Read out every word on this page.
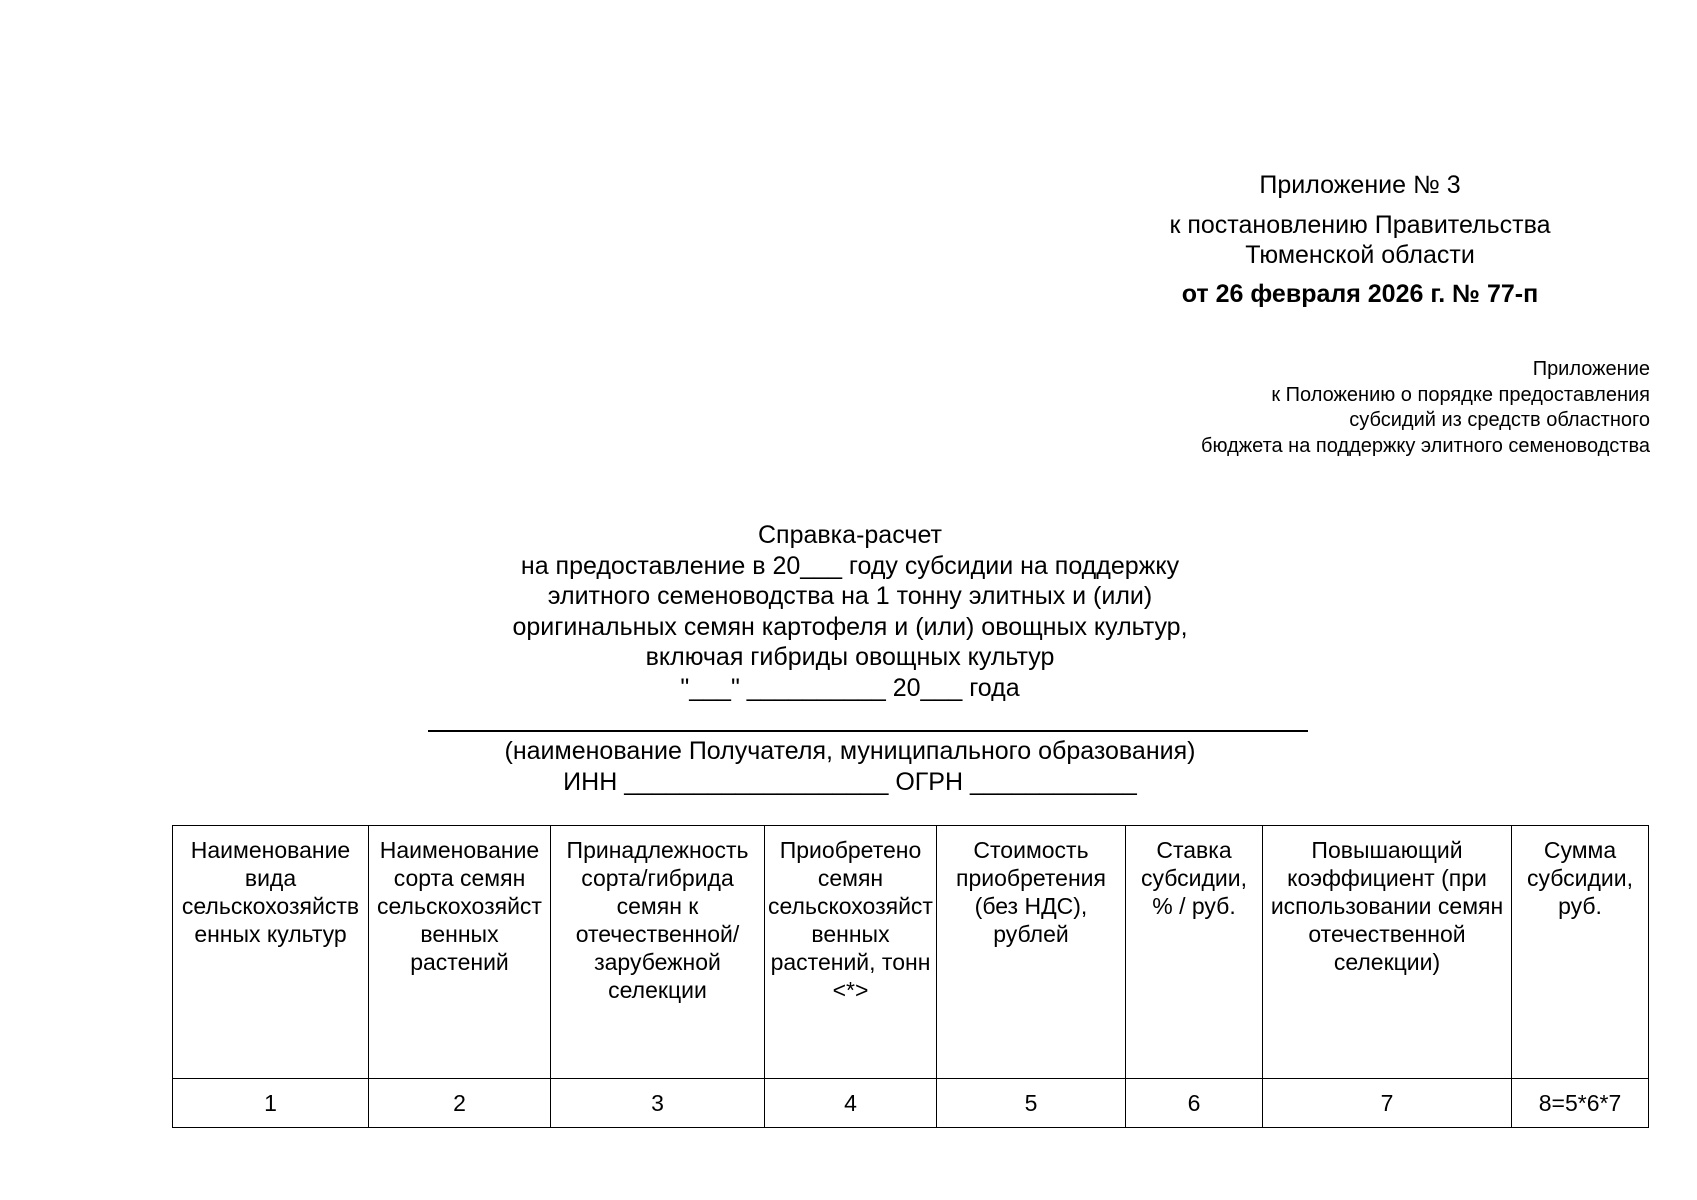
Приложение № 3
к постановлению Правительства
Тюменской области
от 26 февраля 2026 г. № 77-п
Приложение
к Положению о порядке предоставления
субсидий из средств областного
бюджета на поддержку элитного семеноводства
Справка-расчет
на предоставление в 20___ году субсидии на поддержку
элитного семеноводства на 1 тонну элитных и (или)
оригинальных семян картофеля и (или) овощных культур,
включая гибриды овощных культур
"___" __________ 20___ года
(наименование Получателя, муниципального образования)
ИНН ___________________ ОГРН ____________
Наименование вида сельскохозяйственных культур	Наименование сорта семян сельскохозяйственных растений	Принадлежность сорта/гибрида семян к отечественной/зарубежной селекции	Приобретено семян сельскохозяйственных растений, тонн <*>	Стоимость приобретения (без НДС), рублей	Ставка субсидии, % / руб.	Повышающий коэффициент (при использовании семян отечественной селекции)	Сумма субсидии, руб.
1	2	3	4	5	6	7	8=5*6*7
